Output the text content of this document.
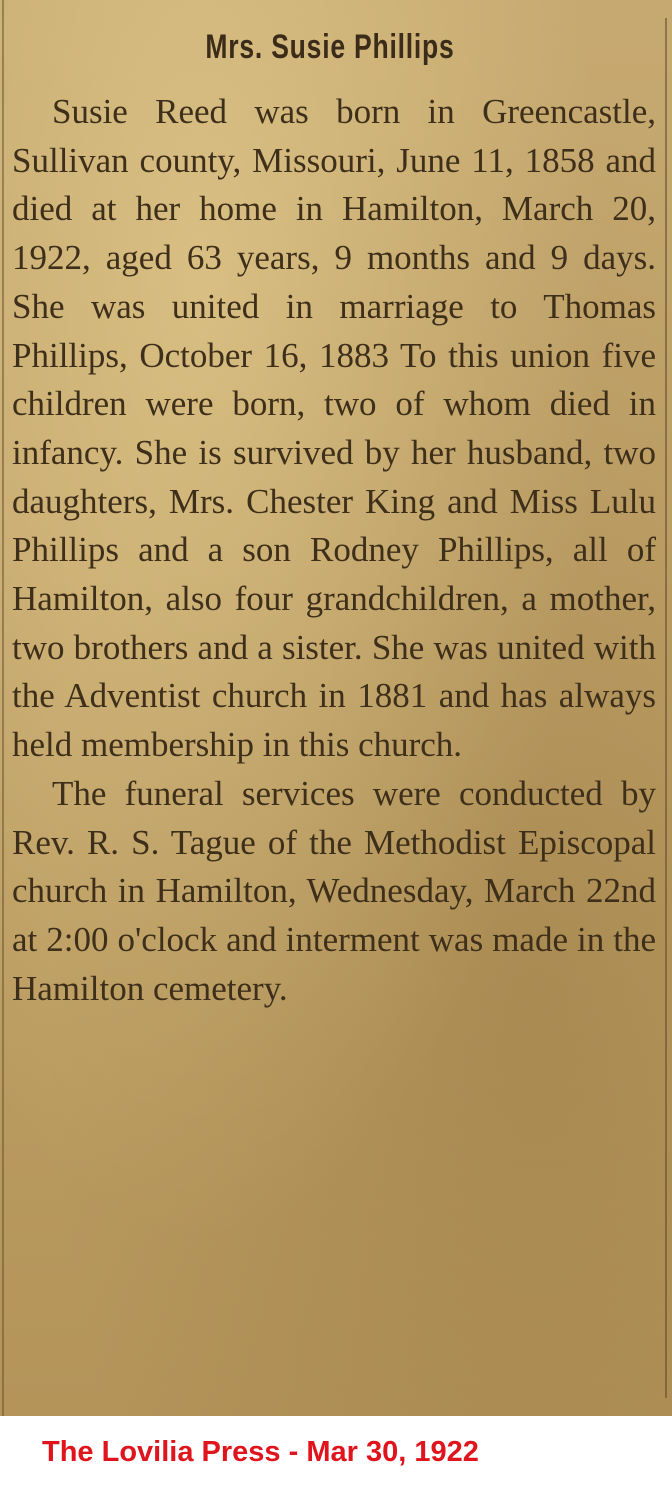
Mrs. Susie Phillips

Susie Reed was born in Greencastle, Sullivan county, Missouri, June 11, 1858 and died at her home in Hamilton, March 20, 1922, aged 63 years, 9 months and 9 days. She was united in marriage to Thomas Phillips, October 16, 1883 To this union five children were born, two of whom died in infancy. She is survived by her husband, two daughters, Mrs. Chester King and Miss Lulu Phillips and a son Rodney Phillips, all of Hamilton, also four grandchildren, a mother, two brothers and a sister. She was united with the Adventist church in 1881 and has always held membership in this church.

The funeral services were conducted by Rev. R. S. Tague of the Methodist Episcopal church in Hamilton, Wednesday, March 22nd at 2:00 o'clock and interment was made in the Hamilton cemetery.

The Lovilia Press - Mar 30, 1922
